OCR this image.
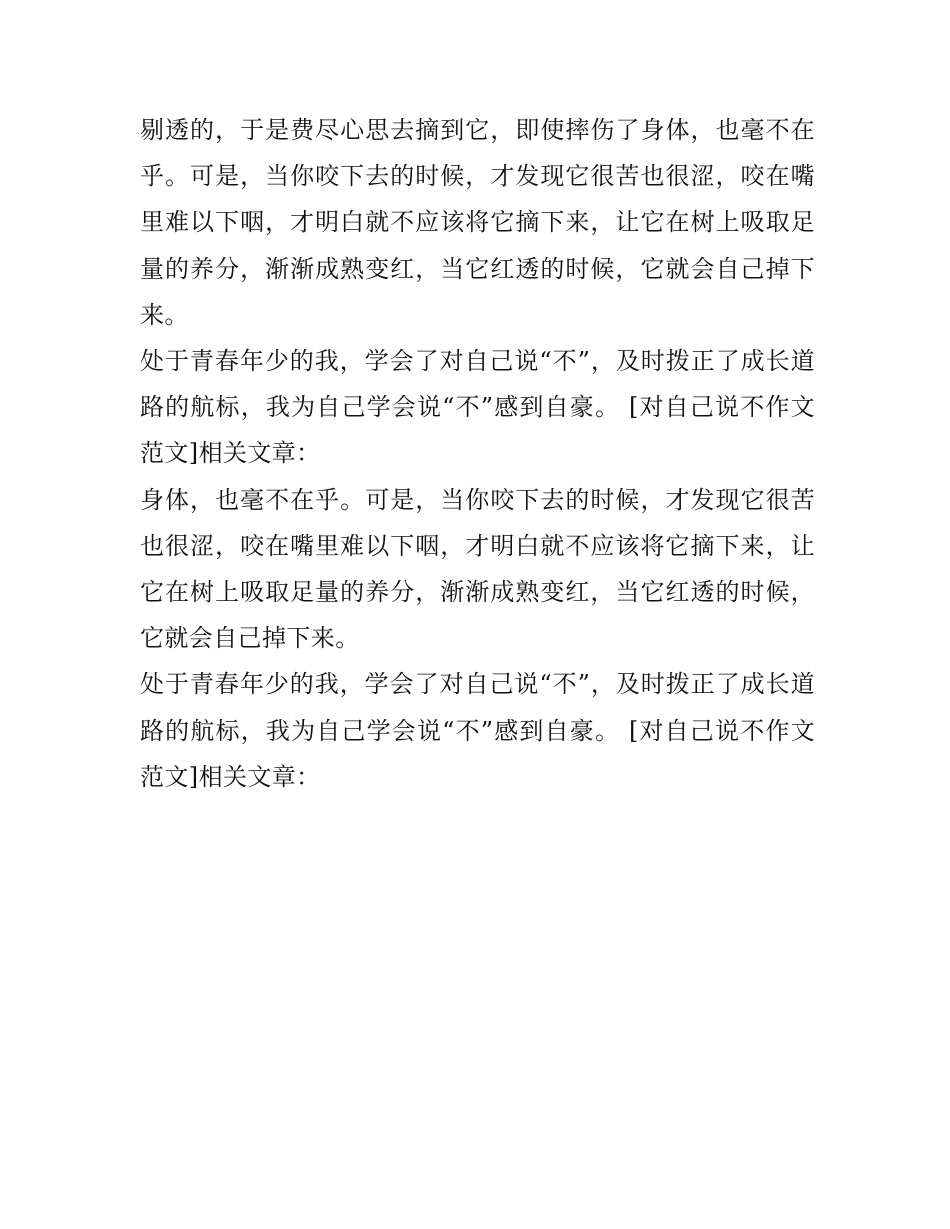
剔透的，于是费尽心思去摘到它，即使摔伤了身体，也毫不在乎。可是，当你咬下去的时候，才发现它很苦也很涩，咬在嘴里难以下咽，才明白就不应该将它摘下来，让它在树上吸取足量的养分，渐渐成熟变红，当它红透的时候，它就会自己掉下来。

处于青春年少的我，学会了对自己说“不”，及时拨正了成长道路的航标，我为自己学会说“不”感到自豪。 [对自己说不作文范文]相关文章：

身体，也毫不在乎。可是，当你咬下去的时候，才发现它很苦也很涩，咬在嘴里难以下咽，才明白就不应该将它摘下来，让它在树上吸取足量的养分，渐渐成熟变红，当它红透的时候，它就会自己掉下来。

处于青春年少的我，学会了对自己说“不”，及时拨正了成长道路的航标，我为自己学会说“不”感到自豪。 [对自己说不作文范文]相关文章：
